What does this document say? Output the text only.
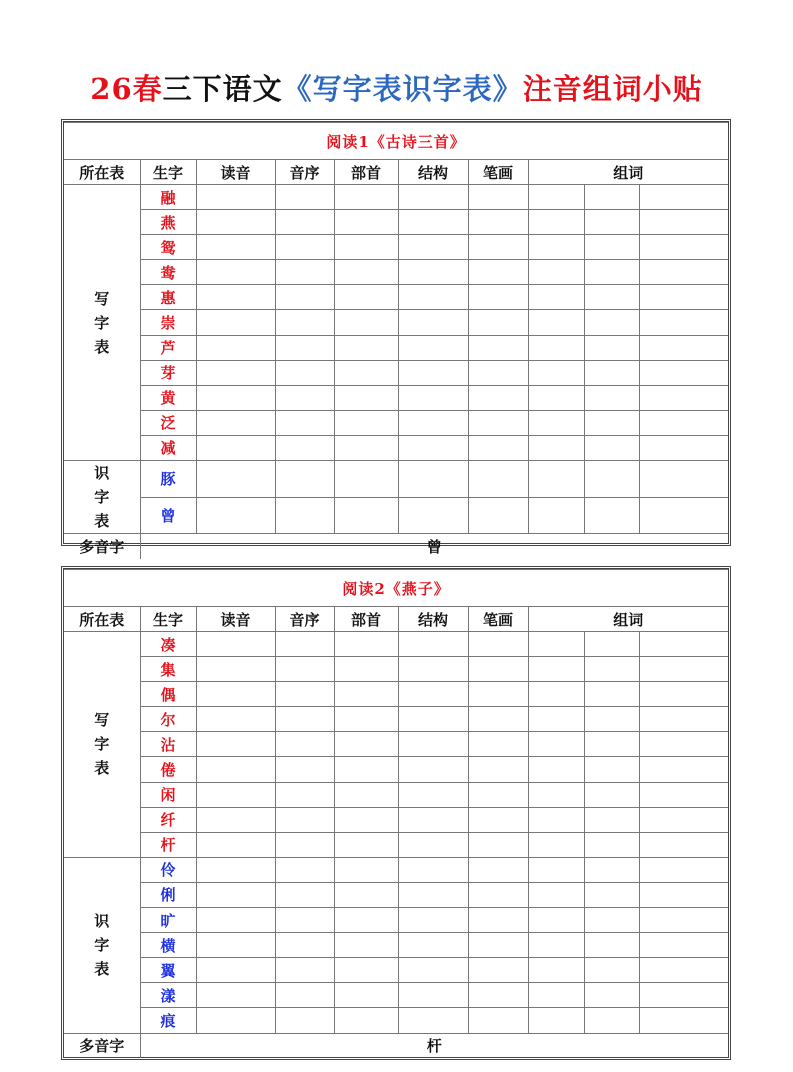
26春三下语文《写字表识字表》注音组词小贴
阅读1《古诗三首》									
所在表	生字	读音	音序	部首	结构	笔画	组词		

写
字
表	融								
	燕								
	鸳								
	鸯								
	惠								
	崇								
	芦								
	芽								
	黄								
	泛								
	减								

识
字
表	豚								
	曾								
多音字	曾								
阅读2《燕子》									
所在表	生字	读音	音序	部首	结构	笔画	组词		

写
字
表	凑								
	集								
	偶								
	尔								
	沾								
	倦								
	闲								
	纤								
	杆								

识
字
表	伶								
	俐								
	旷								
	横								
	翼								
	漾								
	痕								
多音字	杆								
